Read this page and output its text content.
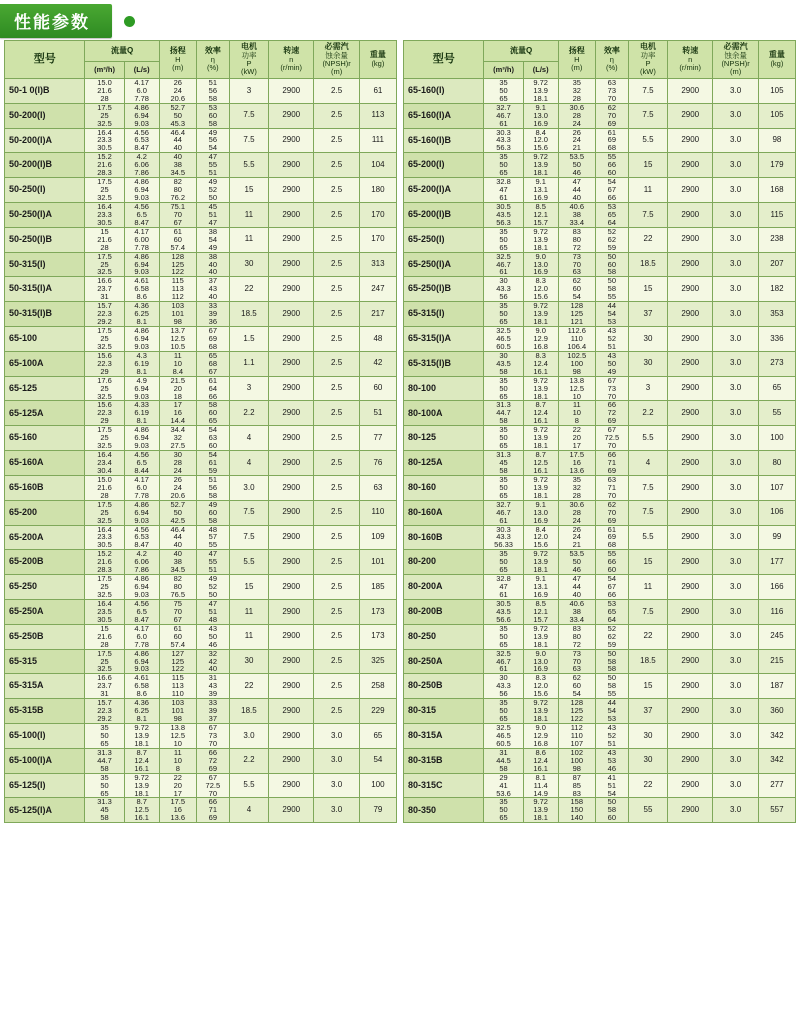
性能参数
型号	流量Q		扬程
H
(m)	效率
η
(%)	电机
功率
P
(kW)	转速
n
(r/min)	必需汽
蚀余量
(NPSH)r
(m)	重量
(kg)

	(m³/h)	(L/s)						
50-1 0(I)B	15.0
21.6
28	4.17
6.0
7.78	26
24
20.6	51
56
58	3	2900	2.5	61
50-200(I)	17.5
25
32.5	4.86
6.94
9.03	52.7
50
45.3	53
60
58	7.5	2900	2.5	113
50-200(I)A	16.4
23.3
30.5	4.56
6.53
8.47	46.4
44
40	49
56
54	7.5	2900	2.5	111
50-200(I)B	15.2
21.6
28.3	4.2
6.06
7.86	40
38
34.5	47
55
51	5.5	2900	2.5	104
50-250(I)	17.5
25
32.5	4.86
6.94
9.03	82
80
76.2	49
52
50	15	2900	2.5	180
50-250(I)A	16.4
23.3
30.5	4.56
6.5
8.47	75.1
70
67	45
51
47	11	2900	2.5	170
50-250(I)B	15
21.6
28	4.17
6.00
7.78	61
60
57.4	38
54
49	11	2900	2.5	170
50-315(I)	17.5
25
32.5	4.86
6.94
9.03	128
125
122	38
40
40	30	2900	2.5	313
50-315(I)A	16.6
23.7
31	4.61
6.58
8.6	115
113
112	37
43
40	22	2900	2.5	247
50-315(I)B	15.7
22.3
29.2	4.36
6.25
8.1	103
101
98	33
39
36	18.5	2900	2.5	217
65-100	17.5
25
32.5	4.86
6.94
9.03	13.7
12.5
10.5	67
69
68	1.5	2900	2.5	48
65-100A	15.6
22.3
29	4.3
6.19
8.1	11
10
8.4	65
68
67	1.1	2900	2.5	42
65-125	17.6
25
32.5	4.9
6.94
9.03	21.5
20
18	61
64
66	3	2900	2.5	60
65-125A	15.6
22.3
29	4.33
6.19
8.1	17
16
14.4	58
60
65	2.2	2900	2.5	51
65-160	17.5
25
32.5	4.86
6.94
9.03	34.4
32
27.5	54
63
60	4	2900	2.5	77
65-160A	16.4
23.4
30.4	4.56
6.5
8.44	30
28
24	54
61
59	4	2900	2.5	76
65-160B	15.0
21.6
28	4.17
6.0
7.78	26
24
20.6	51
56
58	3.0	2900	2.5	63
65-200	17.5
25
32.5	4.86
6.94
9.03	52.7
50
42.5	49
60
58	7.5	2900	2.5	110
65-200A	16.4
23.3
30.5	4.56
6.53
8.47	46.4
44
40	48
57
55	7.5	2900	2.5	109
65-200B	15.2
21.6
28.3	4.2
6.06
7.86	40
38
34.5	47
55
51	5.5	2900	2.5	101
65-250	17.5
25
32.5	4.86
6.94
9.03	82
80
76.5	49
52
50	15	2900	2.5	185
65-250A	16.4
23.5
30.5	4.56
6.5
8.47	75
70
67	47
51
48	11	2900	2.5	173
65-250B	15
21.6
28	4.17
6.0
7.78	61
60
57.4	43
50
46	11	2900	2.5	173
65-315	17.5
25
32.5	4.86
6.94
9.03	127
125
122	32
42
40	30	2900	2.5	325
65-315A	16.6
23.7
31	4.61
6.58
8.6	115
113
110	31
43
39	22	2900	2.5	258
65-315B	15.7
22.3
29.2	4.36
6.25
8.1	103
101
98	33
39
37	18.5	2900	2.5	229
65-100(I)	35
50
65	9.72
13.9
18.1	13.8
12.5
10	67
73
70	3.0	2900	3.0	65
65-100(I)A	31.3
44.7
58	8.7
12.4
16.1	11
10
8	66
72
69	2.2	2900	3.0	54
65-125(I)	35
50
65	9.72
13.9
18.1	22
20
17	67
72.5
70	5.5	2900	3.0	100
65-125(I)A	31.3
45
58	8.7
12.5
16.1	17.5
16
13.6	66
71
69	4	2900	3.0	79
型号	流量Q		扬程
H
(m)	效率
η
(%)	电机
功率
P
(kW)	转速
n
(r/min)	必需汽
蚀余量
(NPSH)r
(m)	重量
(kg)

	(m³/h)	(L/s)						
65-160(I)	35
50
65	9.72
13.9
18.1	35
32
28	63
73
70	7.5	2900	3.0	105
65-160(I)A	32.7
46.7
61	9.1
13.0
16.9	30.6
28
24	62
70
69	7.5	2900	3.0	105
65-160(I)B	30.3
43.3
56.3	8.4
12.0
15.6	26
24
21	61
69
68	5.5	2900	3.0	98
65-200(I)	35
50
65	9.72
13.9
18.1	53.5
50
46	55
66
60	15	2900	3.0	179
65-200(I)A	32.8
47
61	9.1
13.1
16.9	47
44
40	54
67
66	11	2900	3.0	168
65-200(I)B	30.5
43.5
56.3	8.5
12.1
15.7	40.6
38
33.4	53
65
64	7.5	2900	3.0	115
65-250(I)	35
50
65	9.72
13.9
18.1	83
80
72	52
62
59	22	2900	3.0	238
65-250(I)A	32.5
46.7
61	9.0
13.0
16.9	73
70
63	50
60
58	18.5	2900	3.0	207
65-250(I)B	30
43.3
56	8.3
12.0
15.6	62
60
54	50
58
55	15	2900	3.0	182
65-315(I)	35
50
65	9.72
13.9
18.1	128
125
121	44
54
53	37	2900	3.0	353
65-315(I)A	32.5
46.5
60.5	9.0
12.9
16.8	112.6
110
106.4	43
52
51	30	2900	3.0	336
65-315(I)B	30
43.5
58	8.3
12.4
16.1	102.5
100
98	43
50
49	30	2900	3.0	273
80-100	35
50
65	9.72
13.9
18.1	13.8
12.5
10	67
73
70	3	2900	3.0	65
80-100A	31.3
44.7
58	8.7
12.4
16.1	11
10
8	66
72
69	2.2	2900	3.0	55
80-125	35
50
65	9.72
13.9
18.1	22
20
17	67
72.5
70	5.5	2900	3.0	100
80-125A	31.3
45
58	8.7
12.5
16.1	17.5
16
13.6	66
71
69	4	2900	3.0	80
80-160	35
50
65	9.72
13.9
18.1	35
32
28	63
71
70	7.5	2900	3.0	107
80-160A	32.7
46.7
61	9.1
13.0
16.9	30.6
28
24	62
70
69	7.5	2900	3.0	106
80-160B	30.3
43.3
56.33	8.4
12.0
15.6	26
24
21	61
69
68	5.5	2900	3.0	99
80-200	35
50
65	9.72
13.9
18.1	53.5
50
46	55
66
60	15	2900	3.0	177
80-200A	32.8
47
61	9.1
13.1
16.9	47
44
40	54
67
66	11	2900	3.0	166
80-200B	30.5
43.5
56.6	8.5
12.1
15.7	40.6
38
33.4	53
65
64	7.5	2900	3.0	116
80-250	35
50
65	9.72
13.9
18.1	83
80
72	52
62
59	22	2900	3.0	245
80-250A	32.5
46.7
61	9.0
13.0
16.9	73
70
63	50
58
58	18.5	2900	3.0	215
80-250B	30
43.3
56	8.3
12.0
15.6	62
60
54	50
58
55	15	2900	3.0	187
80-315	35
50
65	9.72
13.9
18.1	128
125
122	44
54
53	37	2900	3.0	360
80-315A	32.5
46.5
60.5	9.0
12.9
16.8	112
110
107	43
52
51	30	2900	3.0	342
80-315B	31
44.5
58	8.6
12.4
16.1	102
100
98	43
53
46	30	2900	3.0	342
80-315C	29
41
53.6	8.1
11.4
14.9	87
85
83	41
51
54	22	2900	3.0	277
80-350	35
50
65	9.72
13.9
18.1	158
150
140	50
58
60	55	2900	3.0	557
